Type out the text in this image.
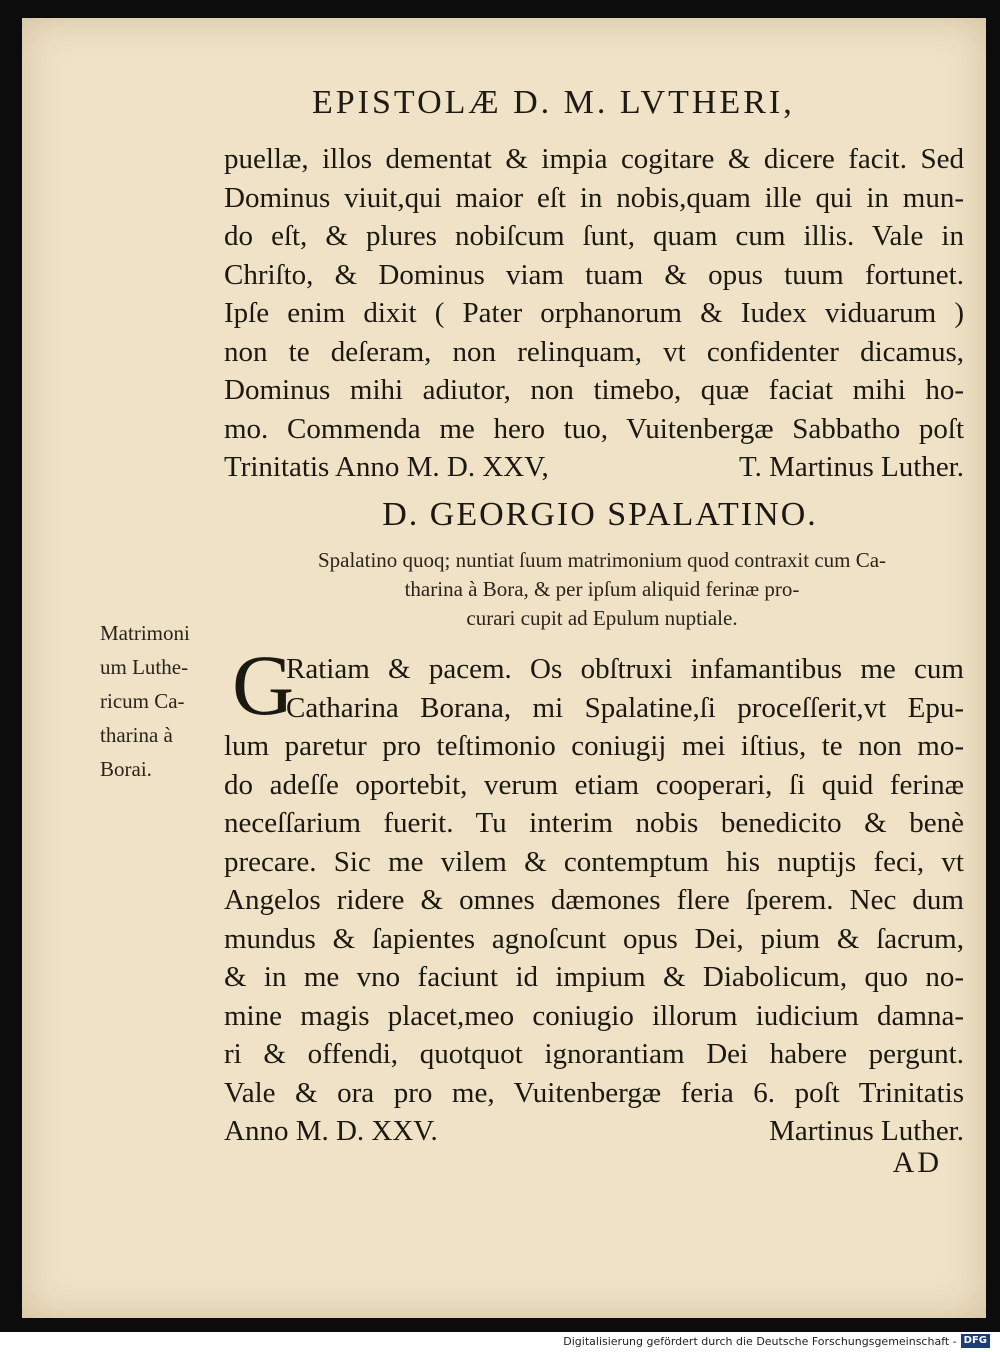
EPISTOLÆ D. M. LVTHERI,
puellæ, illos dementat & impia cogitare & dicere facit. Sed
Dominus viuit,qui maior eſt in nobis,quam ille qui in mun-
do eſt, & plures nobiſcum ſunt, quam cum illis. Vale in
Chriſto, & Dominus viam tuam & opus tuum fortunet.
Ipſe enim dixit ( Pater orphanorum & Iudex viduarum )
non te deſeram, non relinquam, vt confidenter dicamus,
Dominus mihi adiutor, non timebo, quæ faciat mihi ho-
mo. Commenda me hero tuo, Vuitenbergæ Sabbatho poſt
Trinitatis Anno M. D. XXV,	T. Martinus Luther.
D. GEORGIO SPALATINO.
Spalatino quoq; nuntiat ſuum matrimonium quod contraxit cum Ca-
tharina à Bora, & per ipſum aliquid ferinæ pro-
curari cupit ad Epulum nuptiale.
Matrimoni
um Luthe-
ricum Ca-
tharina à
Borai.
G
Ratiam & pacem. Os obſtruxi infamantibus me cum
Catharina Borana, mi Spalatine,ſi proceſſerit,vt Epu-
lum paretur pro teſtimonio coniugij mei iſtius, te non mo-
do adeſſe oportebit, verum etiam cooperari, ſi quid ferinæ
neceſſarium fuerit. Tu interim nobis benedicito & benè
precare. Sic me vilem & contemptum his nuptijs feci, vt
Angelos ridere & omnes dæmones flere ſperem. Nec dum
mundus & ſapientes agnoſcunt opus Dei, pium & ſacrum,
& in me vno faciunt id impium & Diabolicum, quo no-
mine magis placet,meo coniugio illorum iudicium damna-
ri & offendi, quotquot ignorantiam Dei habere pergunt.
Vale & ora pro me, Vuitenbergæ feria 6. poſt Trinitatis
Anno M. D. XXV.	Martinus Luther.
AD
Digitalisierung gefördert durch die Deutsche Forschungsgemeinschaft - DFG
